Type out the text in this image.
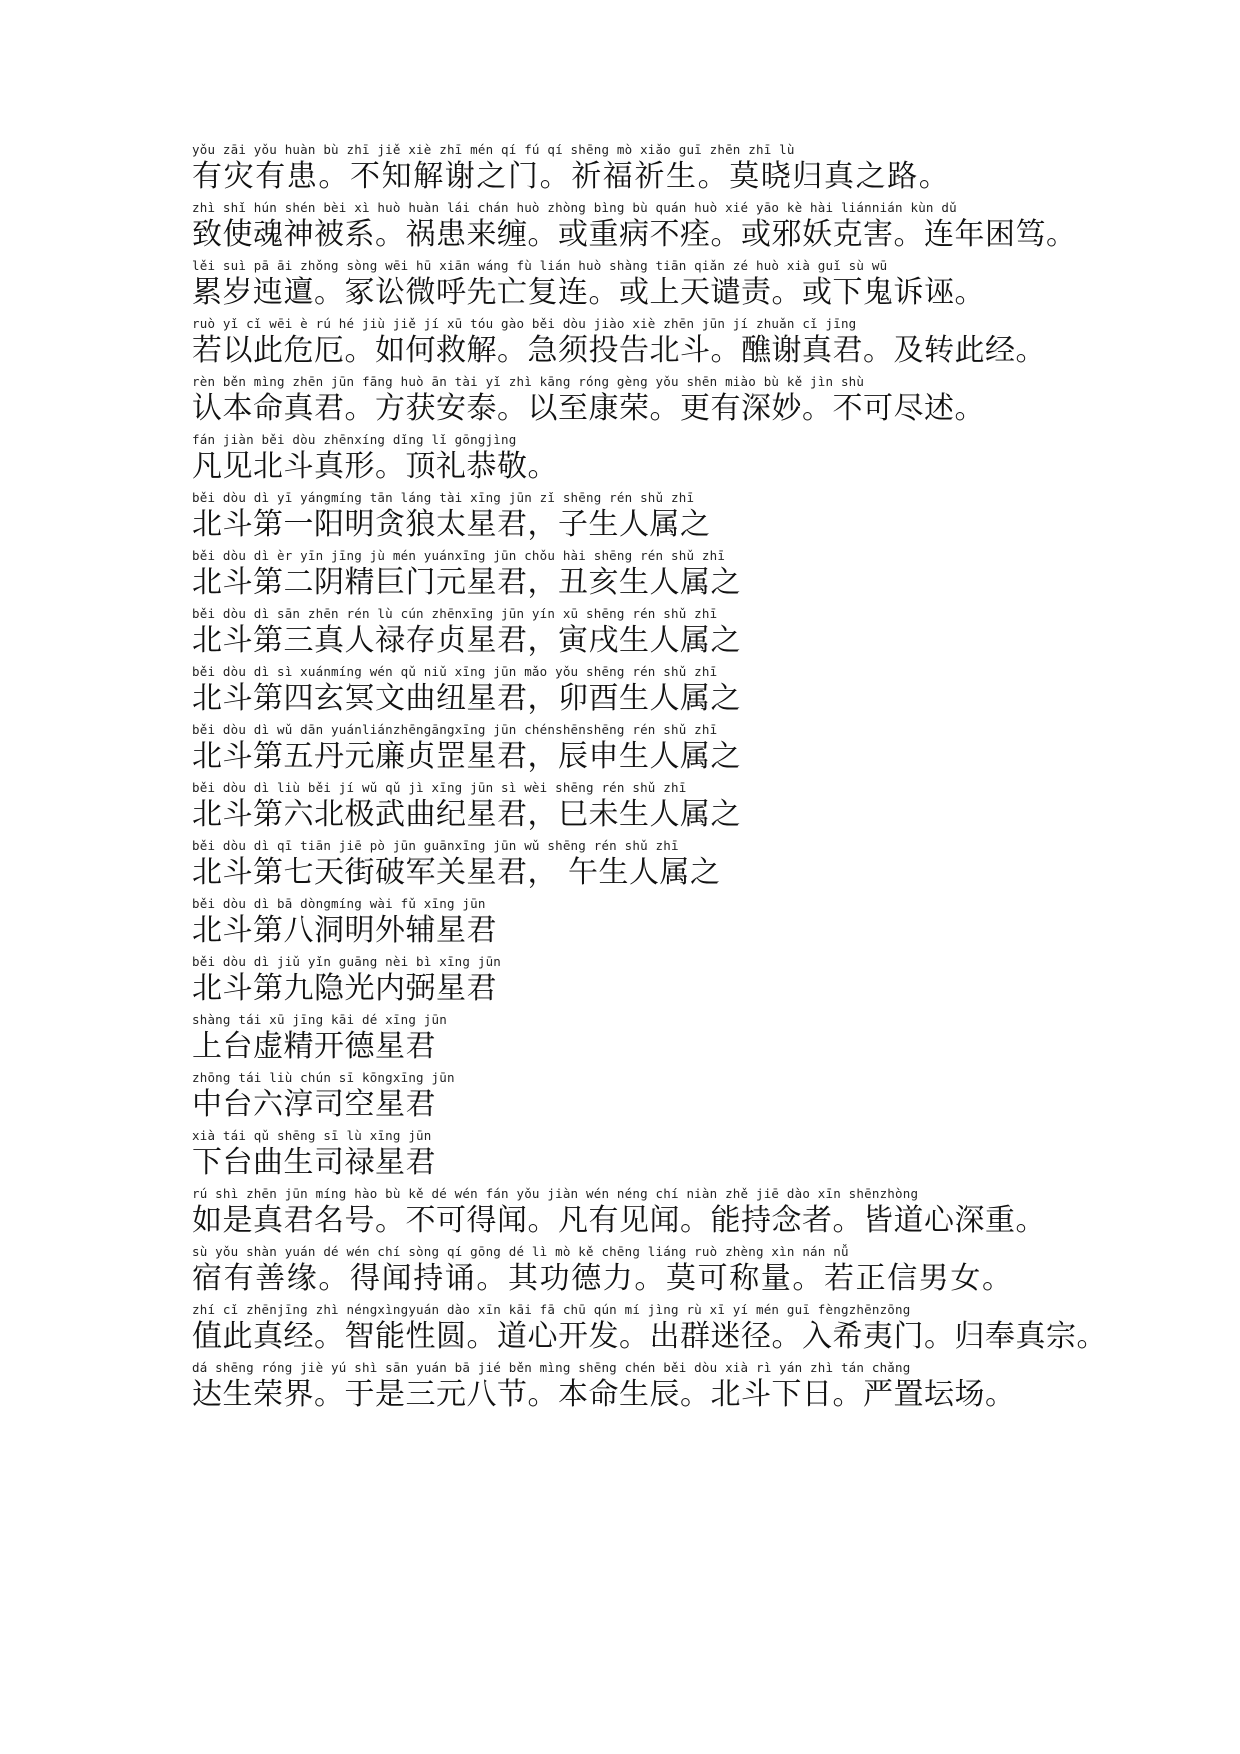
yǒu zāi yǒu huàn bù zhī jiě xiè zhī mén qí fú qí shēng mò xiǎo guī zhēn zhī lù
有灾有患。不知解谢之门。祈福祈生。莫晓归真之路。
zhì shǐ hún shén bèi xì huò huàn lái chán huò zhòng bìng bù quán huò xié yāo kè hài liánnián kùn dǔ
致使魂神被系。祸患来缠。或重病不痊。或邪妖克害。连年困笃。
lěi suì pā āi zhǒng sòng wēi hū xiān wáng fù lián huò shàng tiān qiǎn zé huò xià guǐ sù wū
累岁迍邅。冢讼微呼先亡复连。或上天谴责。或下鬼诉诬。
ruò yǐ cǐ wēi è rú hé jiù jiě jí xū tóu gào běi dòu jiào xiè zhēn jūn jí zhuǎn cǐ jīng
若以此危厄。如何救解。急须投告北斗。醮谢真君。及转此经。
rèn běn mìng zhēn jūn fāng huò ān tài yǐ zhì kāng róng gèng yǒu shēn miào bù kě jìn shù
认本命真君。方获安泰。以至康荣。更有深妙。不可尽述。
fán jiàn běi dòu zhēnxíng dǐng lǐ gōngjìng
凡见北斗真形。顶礼恭敬。
běi dòu dì yī yángmíng tān láng tài xīng jūn zǐ shēng rén shǔ zhī
北斗第一阳明贪狼太星君，子生人属之
běi dòu dì èr yīn jīng jù mén yuánxīng jūn chǒu hài shēng rén shǔ zhī
北斗第二阴精巨门元星君，丑亥生人属之
běi dòu dì sān zhēn rén lù cún zhēnxīng jūn yín xū shēng rén shǔ zhī
北斗第三真人禄存贞星君，寅戌生人属之
běi dòu dì sì xuánmíng wén qǔ niǔ xīng jūn mǎo yǒu shēng rén shǔ zhī
北斗第四玄冥文曲纽星君，卯酉生人属之
běi dòu dì wǔ dān yuánliánzhēngāngxīng jūn chénshēnshēng rén shǔ zhī
北斗第五丹元廉贞罡星君，辰申生人属之
běi dòu dì liù běi jí wǔ qǔ jì xīng jūn sì wèi shēng rén shǔ zhī
北斗第六北极武曲纪星君，巳未生人属之
běi dòu dì qī tiān jiē pò jūn guānxīng jūn wǔ shēng rén shǔ zhī
北斗第七天街破军关星君， 午生人属之
běi dòu dì bā dòngmíng wài fǔ xīng jūn
北斗第八洞明外辅星君
běi dòu dì jiǔ yǐn guāng nèi bì xīng jūn
北斗第九隐光内弼星君
shàng tái xū jīng kāi dé xīng jūn
上台虚精开德星君
zhōng tái liù chún sī kōngxīng jūn
中台六淳司空星君
xià tái qǔ shēng sī lù xīng jūn
下台曲生司禄星君
rú shì zhēn jūn míng hào bù kě dé wén fán yǒu jiàn wén néng chí niàn zhě jiē dào xīn shēnzhòng
如是真君名号。不可得闻。凡有见闻。能持念者。皆道心深重。
sù yǒu shàn yuán dé wén chí sòng qí gōng dé lì mò kě chēng liáng ruò zhèng xìn nán nǚ
宿有善缘。得闻持诵。其功德力。莫可称量。若正信男女。
zhí cǐ zhēnjīng zhì néngxìngyuán dào xīn kāi fā chū qún mí jìng rù xī yí mén guī fèngzhēnzōng
值此真经。智能性圆。道心开发。出群迷径。入希夷门。归奉真宗。
dá shēng róng jiè yú shì sān yuán bā jié běn mìng shēng chén běi dòu xià rì yán zhì tán chǎng
达生荣界。于是三元八节。本命生辰。北斗下日。严置坛场。
